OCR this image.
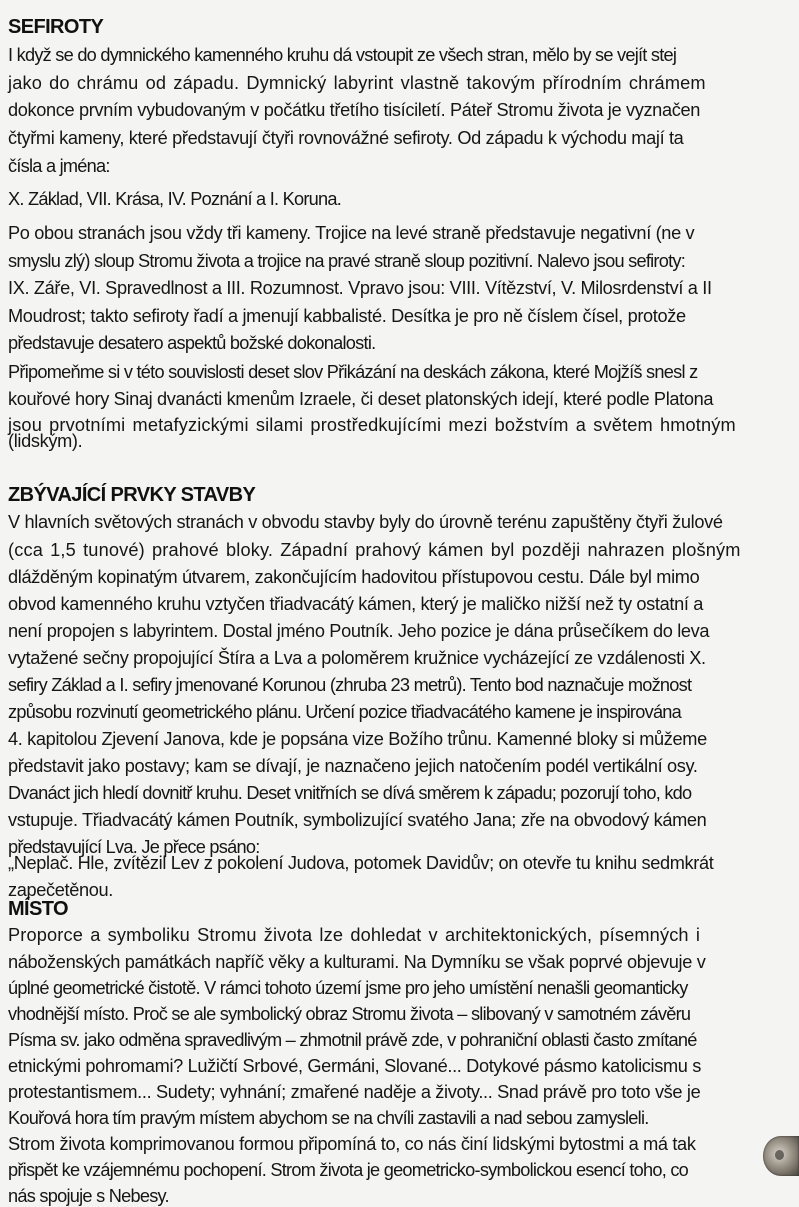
SEFIROTY
I když se do dymnického kamenného kruhu dá vstoupit ze všech stran, mělo by se vejít stej
jako do chrámu od západu. Dymnický labyrint vlastně takovým přírodním chrámem
dokonce prvním vybudovaným v počátku třetího tisíciletí. Páteř Stromu života je vyznačen
čtyřmi kameny, které představují čtyři rovnovážné sefiroty. Od západu k východu mají ta
čísla a jména:
X. Základ, VII. Krása, IV. Poznání a I. Koruna.
Po obou stranách jsou vždy tři kameny. Trojice na levé straně představuje negativní (ne v
smyslu zlý) sloup Stromu života a trojice na pravé straně sloup pozitivní. Nalevo jsou sefiroty:
IX. Záře, VI. Spravedlnost a III. Rozumnost. Vpravo jsou: VIII. Vítězství, V. Milosrdenství a II
Moudrost; takto sefiroty řadí a jmenují kabbalisté. Desítka je pro ně číslem čísel, protože
představuje desatero aspektů božské dokonalosti.
Připomeňme si v této souvislosti deset slov Přikázání na deskách zákona, které Mojžíš snesl z
kouřové hory Sinaj dvanácti kmenům Izraele, či deset platonských idejí, které podle Platona
jsou prvotními metafyzickými silami prostředkujícími mezi božstvím a světem hmotným
(lidským).
ZBÝVAJÍCÍ PRVKY STAVBY
V hlavních světových stranách v obvodu stavby byly do úrovně terénu zapuštěny čtyři žulové
(cca 1,5 tunové) prahové bloky. Západní prahový kámen byl později nahrazen plošným
dlážděným kopinatým útvarem, zakončujícím hadovitou přístupovou cestu. Dále byl mimo
obvod kamenného kruhu vztyčen třiadvacátý kámen, který je maličko nižší než ty ostatní a
není propojen s labyrintem. Dostal jméno Poutník. Jeho pozice je dána průsečíkem do leva
vytažené sečny propojující Štíra a Lva a poloměrem kružnice vycházející ze vzdálenosti X.
sefiry Základ a I. sefiry jmenované Korunou (zhruba 23 metrů). Tento bod naznačuje možnost
způsobu rozvinutí geometrického plánu. Určení pozice třiadvacátého kamene je inspirována
4. kapitolou Zjevení Janova, kde je popsána vize Božího trůnu. Kamenné bloky si můžeme
představit jako postavy; kam se dívají, je naznačeno jejich natočením podél vertikální osy.
Dvanáct jich hledí dovnitř kruhu. Deset vnitřních se dívá směrem k západu; pozorují toho, kdo
vstupuje. Třiadvacátý kámen Poutník, symbolizující svatého Jana; zře na obvodový kámen
představující Lva. Je přece psáno:
„Neplač. Hle, zvítězil Lev z pokolení Judova, potomek Davidův; on otevře tu knihu sedmkrát
zapečetěnou.
MÍSTO
Proporce a symboliku Stromu života lze dohledat v architektonických, písemných i
náboženských památkách napříč věky a kulturami. Na Dymníku se však poprvé objevuje v
úplné geometrické čistotě. V rámci tohoto území jsme pro jeho umístění nenašli geomanticky
vhodnější místo. Proč se ale symbolický obraz Stromu života – slibovaný v samotném závěru
Písma sv. jako odměna spravedlivým – zhmotnil právě zde, v pohraniční oblasti často zmítané
etnickými pohromami? Lužičtí Srbové, Germáni, Slované... Dotykové pásmo katolicismu s
protestantismem... Sudety; vyhnání; zmařené naděje a životy... Snad právě pro toto vše je
Kouřová hora tím pravým místem abychom se na chvíli zastavili a nad sebou zamysleli.
Strom života komprimovanou formou připomíná to, co nás činí lidskými bytostmi a má tak
přispět ke vzájemnému pochopení. Strom života je geometricko-symbolickou esencí toho, co
nás spojuje s Nebesy.
